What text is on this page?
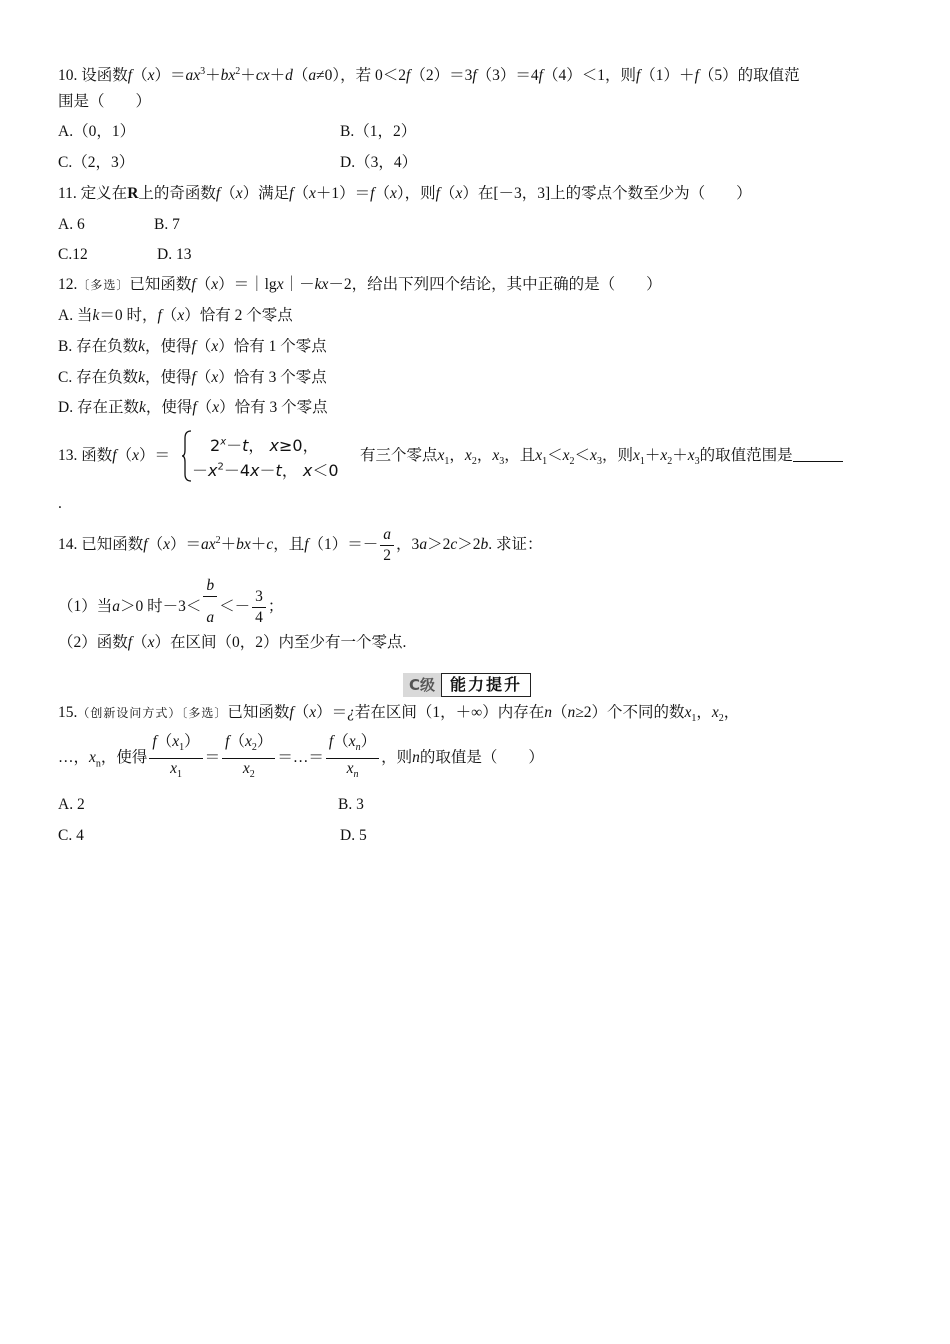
10. 设函数$f(x)=ax^3+bx^2+cx+d(a\ne 0)$，若 0＜2f（2）＝3f（3）＝4f（4）＜1，则f（1）＋f（5）的取值范
围是（　　）
A.（0，1）	B.（1，2）
C.（2，3）	D.（3，4）
11. 定义在R上的奇函数f（x）满足f（x＋1）＝f（x），则f（x）在[－3，3]上的零点个数至少为（　　）
A. 6	B. 7
C.12	D. 13
12.〔多选〕已知函数f（x）＝｜lgx｜－kx－2，给出下列四个结论，其中正确的是（　　）
A. 当k＝0 时，f（x）恰有 2 个零点
B. 存在负数k，使得f（x）恰有 1 个零点
C. 存在负数k，使得f（x）恰有 3 个零点
D. 存在正数k，使得f（x）恰有 3 个零点
13. 函数f（x）＝
$2^x-t$， x≥0，
$-x^2-4x-t$， x＜0
有三个零点$x_1$，$x_2$，$x_3$，且$x_1<x_2<x_3$，则$x_1+x_2+x_3$的取值范围是
.
14. 已知函数$f(x)=ax^2+bx+c$，且$f(1)=- \frac{a}{2}$ ，3a＞2c＞2b. 求证：
（1）当a＞0 时$-3< \frac{b}{a} <- \frac{3}{4}$ ；
（2）函数f（x）在区间（0，2）内至少有一个零点.
C级 能力提升
15.（创新设问方式）〔多选〕已知函数f（x）＝¿若在区间（1，＋∞）内存在n（n≥2）个不同的数$x_1$，$x_2$，
…，$x_n$，使得 $\frac{f(x_1)}{x_1} = \frac{f(x_2)}{x_2}$ ＝…＝ $\frac{f(x_n)}{x_n}$ ，则n的取值是（　　）
A. 2	B. 3
C. 4	D. 5
